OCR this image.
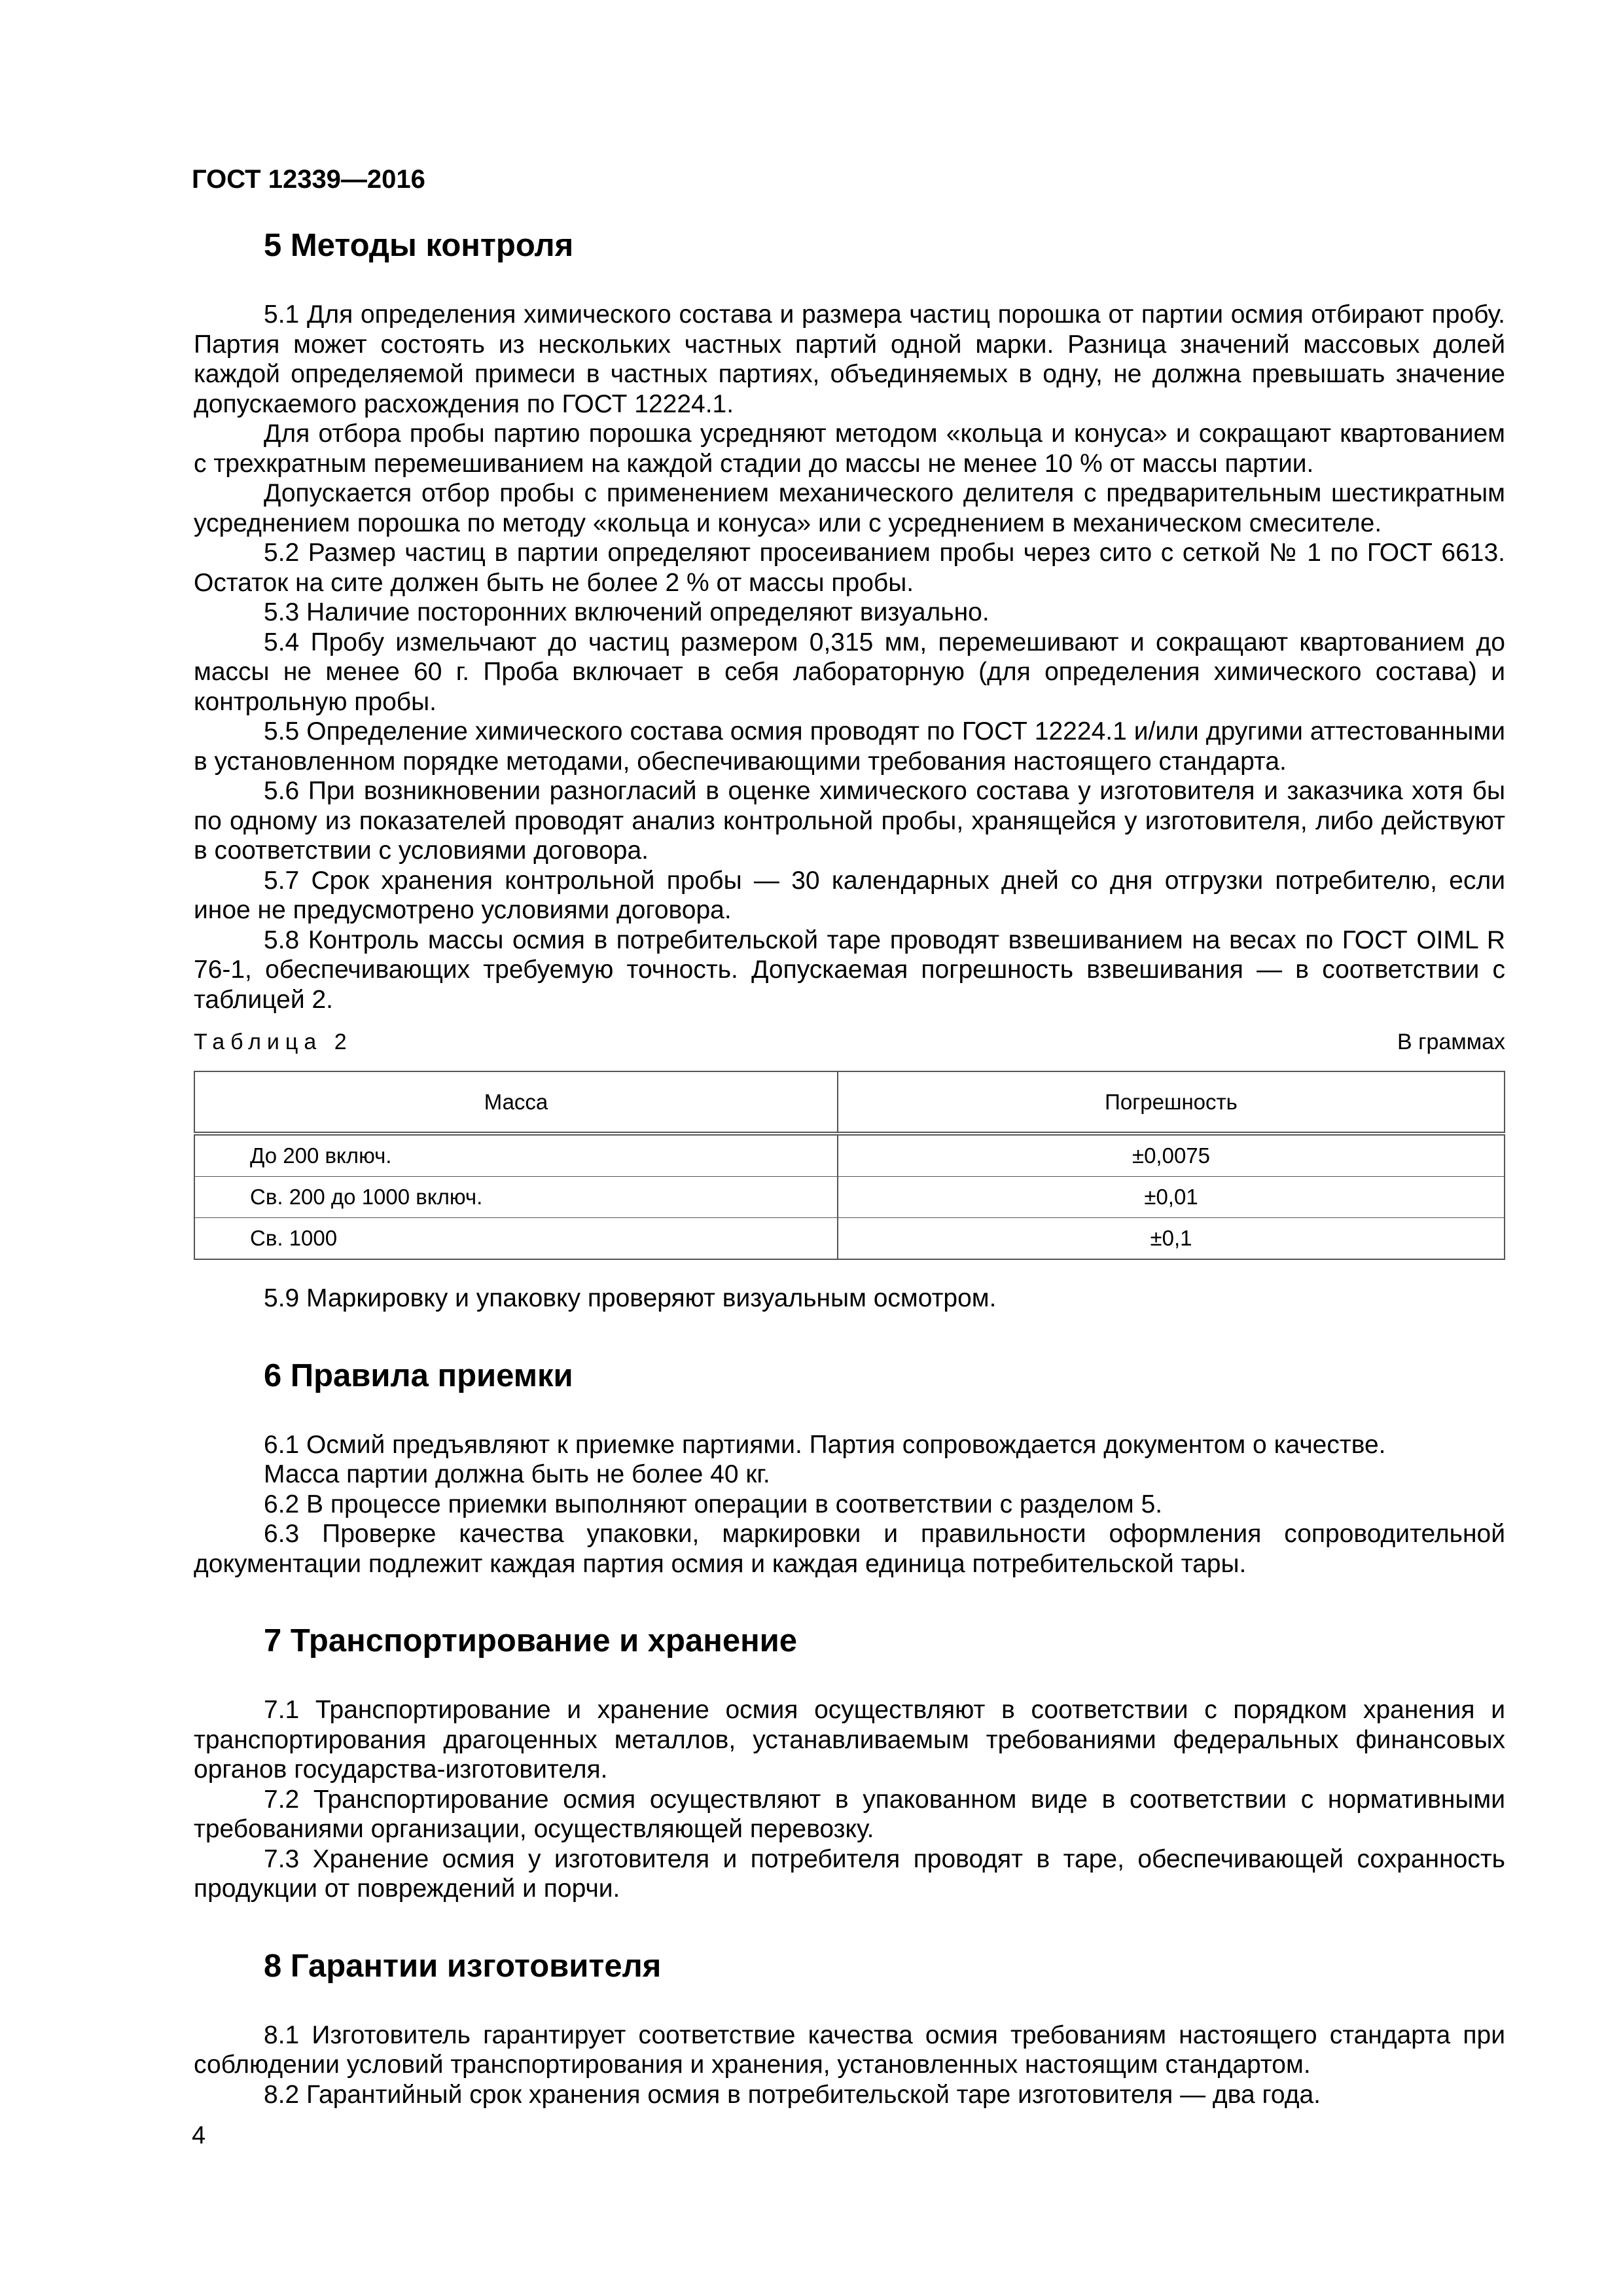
ГОСТ 12339—2016

5 Методы контроля

5.1 Для определения химического состава и размера частиц порошка от партии осмия отбирают пробу. Партия может состоять из нескольких частных партий одной марки. Разница значений массовых долей каждой определяемой примеси в частных партиях, объединяемых в одну, не должна превышать значение допускаемого расхождения по ГОСТ 12224.1.

Для отбора пробы партию порошка усредняют методом «кольца и конуса» и сокращают квартованием с трехкратным перемешиванием на каждой стадии до массы не менее 10 % от массы партии.

Допускается отбор пробы с применением механического делителя с предварительным шестикратным усреднением порошка по методу «кольца и конуса» или с усреднением в механическом смесителе.

5.2 Размер частиц в партии определяют просеиванием пробы через сито с сеткой № 1 по ГОСТ 6613. Остаток на сите должен быть не более 2 % от массы пробы.

5.3 Наличие посторонних включений определяют визуально.

5.4 Пробу измельчают до частиц размером 0,315 мм, перемешивают и сокращают квартованием до массы не менее 60 г. Проба включает в себя лабораторную (для определения химического состава) и контрольную пробы.

5.5 Определение химического состава осмия проводят по ГОСТ 12224.1 и/или другими аттестованными в установленном порядке методами, обеспечивающими требования настоящего стандарта.

5.6 При возникновении разногласий в оценке химического состава у изготовителя и заказчика хотя бы по одному из показателей проводят анализ контрольной пробы, хранящейся у изготовителя, либо действуют в соответствии с условиями договора.

5.7 Срок хранения контрольной пробы — 30 календарных дней со дня отгрузки потребителю, если иное не предусмотрено условиями договора.

5.8 Контроль массы осмия в потребительской таре проводят взвешиванием на весах по ГОСТ OIML R 76-1, обеспечивающих требуемую точность. Допускаемая погрешность взвешивания — в соответствии с таблицей 2.

Таблица 2	В граммах
Масса	Погрешность
До 200 включ.	±0,0075
Св. 200 до 1000 включ.	±0,01
Св. 1000	±0,1

5.9 Маркировку и упаковку проверяют визуальным осмотром.

6 Правила приемки

6.1 Осмий предъявляют к приемке партиями. Партия сопровождается документом о качестве.

Масса партии должна быть не более 40 кг.

6.2 В процессе приемки выполняют операции в соответствии с разделом 5.

6.3 Проверке качества упаковки, маркировки и правильности оформления сопроводительной документации подлежит каждая партия осмия и каждая единица потребительской тары.

7 Транспортирование и хранение

7.1 Транспортирование и хранение осмия осуществляют в соответствии с порядком хранения и транспортирования драгоценных металлов, устанавливаемым требованиями федеральных финансовых органов государства-изготовителя.

7.2 Транспортирование осмия осуществляют в упакованном виде в соответствии с нормативными требованиями организации, осуществляющей перевозку.

7.3 Хранение осмия у изготовителя и потребителя проводят в таре, обеспечивающей сохранность продукции от повреждений и порчи.

8 Гарантии изготовителя

8.1 Изготовитель гарантирует соответствие качества осмия требованиям настоящего стандарта при соблюдении условий транспортирования и хранения, установленных настоящим стандартом.

8.2 Гарантийный срок хранения осмия в потребительской таре изготовителя — два года.

4
